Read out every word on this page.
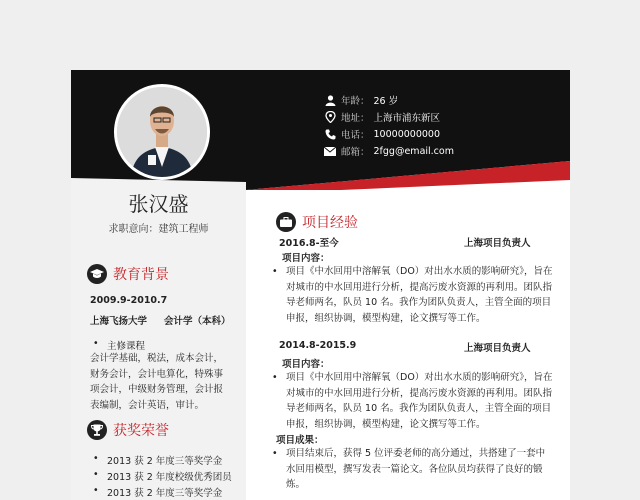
张汉盛
求职意向：建筑工程师
年龄： 26 岁
地址： 上海市浦东新区
电话： 10000000000
邮箱： 2fgg@email.com
教育背景
2009.9-2010.7
上海飞扬大学 会计学（本科）
• 主修课程
会计学基础，税法，成本会计，财务会计，会计电算化，特殊事项会计，中级财务管理，会计报表编制，会计英语，审计。
获奖荣誉
• 2013 获 2 年度三等奖学金
• 2013 获 2 年度校级优秀团员
• 2013 获 2 年度三等奖学金
项目经验
2016.8-至今	上海项目负责人
项目内容：
• 项目《中水回用中溶解氧（DO）对出水水质的影响研究》，旨在对城市的中水回用进行分析，提高污废水资源的再利用。团队指导老师两名，队员 10 名。我作为团队负责人，主管全面的项目申报，组织协调，模型构建，论文撰写等工作。
2014.8-2015.9	上海项目负责人
项目内容：
• 项目《中水回用中溶解氧（DO）对出水水质的影响研究》，旨在对城市的中水回用进行分析，提高污废水资源的再利用。团队指导老师两名，队员 10 名。我作为团队负责人，主管全面的项目申报，组织协调，模型构建，论文撰写等工作。
项目成果：
• 项目结束后，获得 5 位评委老师的高分通过，共搭建了一套中水回用模型，撰写发表一篇论文。各位队员均获得了良好的锻炼。
